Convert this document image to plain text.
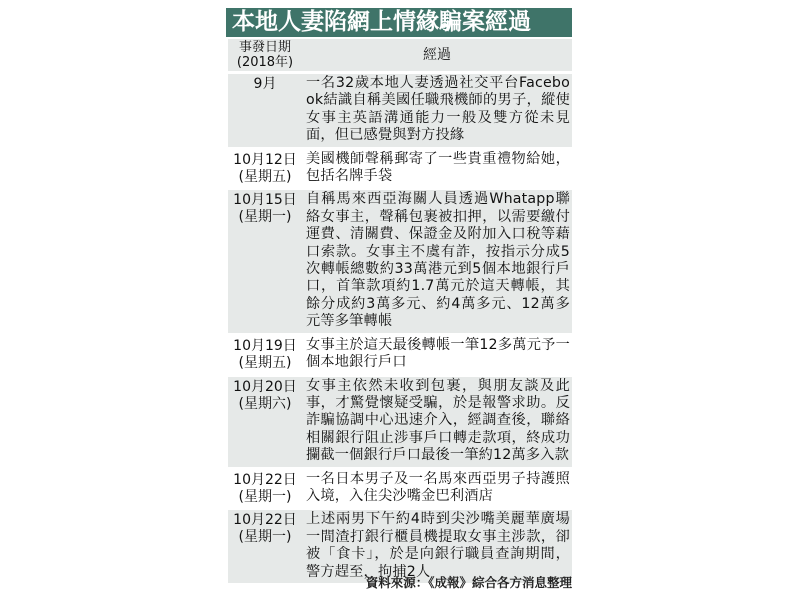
本地人妻陷網上情緣騙案經過
事發日期
(2018年)	經過
9月	一名32歲本地人妻透過社交平台Facebook結識自稱美國任職飛機師的男子，縱使女事主英語溝通能力一般及雙方從未見面，但已感覺與對方投緣
10月12日
(星期五)
美國機師聲稱郵寄了一些貴重禮物給她，包括名牌手袋
10月15日
(星期一)
自稱馬來西亞海關人員透過Whatapp聯絡女事主，聲稱包裹被扣押，以需要繳付運費、清關費、保證金及附加入口稅等藉口索款。女事主不虞有詐，按指示分成5次轉帳總數約33萬港元到5個本地銀行戶口，首筆款項約1.7萬元於這天轉帳，其餘分成約3萬多元、約4萬多元、12萬多元等多筆轉帳
10月19日
(星期五)
女事主於這天最後轉帳一筆12多萬元予一個本地銀行戶口
10月20日
(星期六)
女事主依然未收到包裹，與朋友談及此事，才驚覺懷疑受騙，於是報警求助。反詐騙協調中心迅速介入，經調查後，聯絡相關銀行阻止涉事戶口轉走款項，終成功攔截一個銀行戶口最後一筆約12萬多入款
10月22日
(星期一)
一名日本男子及一名馬來西亞男子持護照入境，入住尖沙嘴金巴利酒店
10月22日
(星期一)
上述兩男下午約4時到尖沙嘴美麗華廣場一間渣打銀行櫃員機提取女事主涉款，卻被「食卡」，於是向銀行職員查詢期間，警方趕至，拘捕2人
資料來源：《成報》綜合各方消息整理
